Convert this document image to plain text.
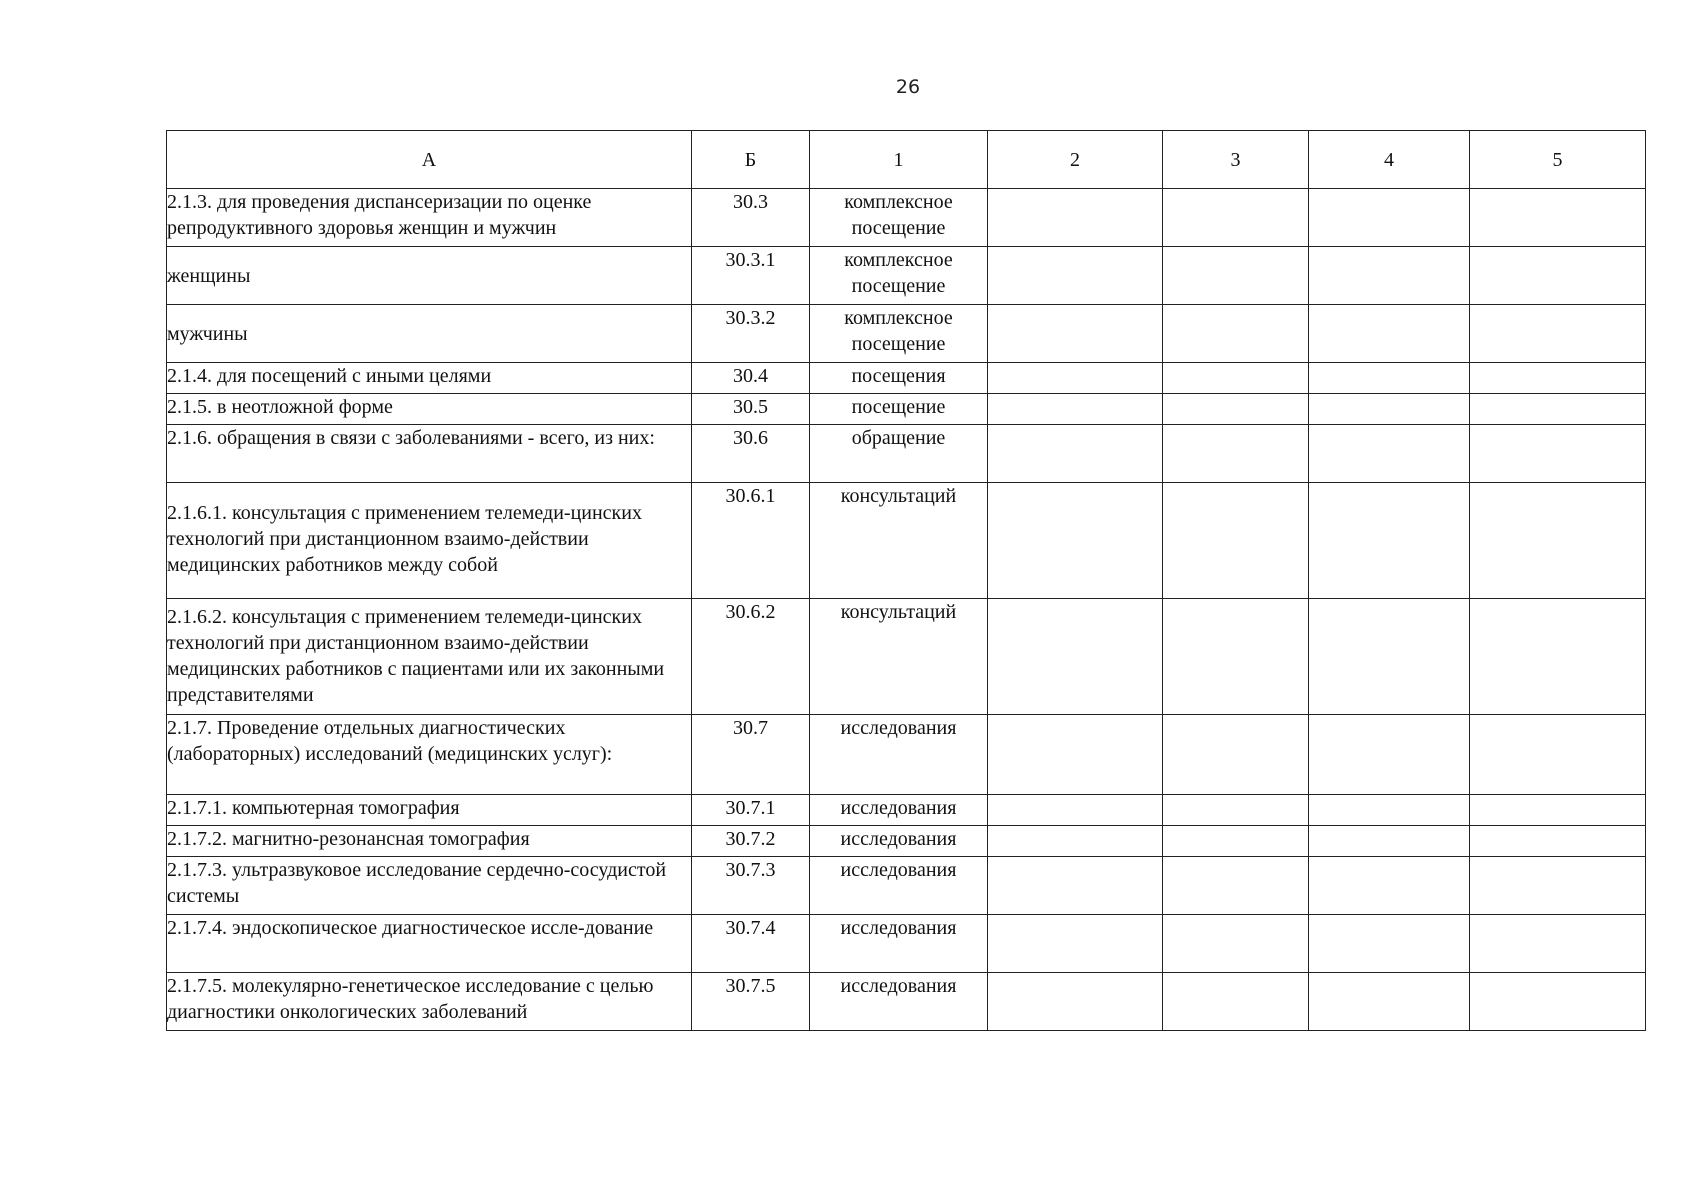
26
А	Б	1	2	3	4	5
2.1.3. для проведения диспансеризации по оценке репродуктивного здоровья женщин и мужчин	30.3	комплексное посещение				
женщины	30.3.1	комплексное посещение				
мужчины	30.3.2	комплексное посещение				
2.1.4. для посещений с иными целями	30.4	посещения				
2.1.5. в неотложной форме	30.5	посещение				
2.1.6. обращения в связи с заболеваниями - всего, из них:	30.6	обращение				
2.1.6.1. консультация с применением телемеди-цинских технологий при дистанционном взаимо-действии медицинских работников между собой	30.6.1	консультаций				
2.1.6.2. консультация с применением телемеди-цинских технологий при дистанционном взаимо-действии медицинских работников с пациентами или их законными представителями	30.6.2	консультаций				
2.1.7. Проведение отдельных диагностических (лабораторных) исследований (медицинских услуг):	30.7	исследования				
2.1.7.1. компьютерная томография	30.7.1	исследования				
2.1.7.2. магнитно-резонансная томография	30.7.2	исследования				
2.1.7.3. ультразвуковое исследование сердечно-сосудистой системы	30.7.3	исследования				
2.1.7.4. эндоскопическое диагностическое иссле-дование	30.7.4	исследования				
2.1.7.5. молекулярно-генетическое исследование с целью диагностики онкологических заболеваний	30.7.5	исследования				
